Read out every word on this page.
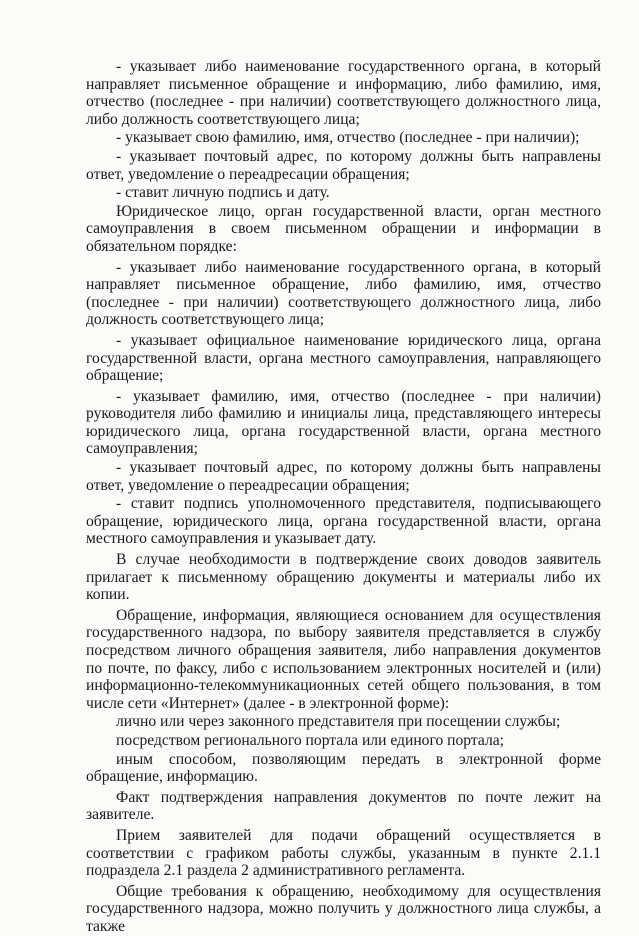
- указывает либо наименование государственного органа, в который направляет письменное обращение и информацию, либо фамилию, имя, отчество (последнее - при наличии) соответствующего должностного лица, либо должность соответствующего лица;

- указывает свою фамилию, имя, отчество (последнее - при наличии);

- указывает почтовый адрес, по которому должны быть направлены ответ, уведомление о переадресации обращения;

- ставит личную подпись и дату.

Юридическое лицо, орган государственной власти, орган местного самоуправления в своем письменном обращении и информации в обязательном порядке:

- указывает либо наименование государственного органа, в который направляет письменное обращение, либо фамилию, имя, отчество (последнее - при наличии) соответствующего должностного лица, либо должность соответствующего лица;

- указывает официальное наименование юридического лица, органа государственной власти, органа местного самоуправления, направляющего обращение;

- указывает фамилию, имя, отчество (последнее - при наличии) руководителя либо фамилию и инициалы лица, представляющего интересы юридического лица, органа государственной власти, органа местного самоуправления;

- указывает почтовый адрес, по которому должны быть направлены ответ, уведомление о переадресации обращения;

- ставит подпись уполномоченного представителя, подписывающего обращение, юридического лица, органа государственной власти, органа местного самоуправления и указывает дату.

В случае необходимости в подтверждение своих доводов заявитель прилагает к письменному обращению документы и материалы либо их копии.

Обращение, информация, являющиеся основанием для осуществления государственного надзора, по выбору заявителя представляется в службу посредством личного обращения заявителя, либо направления документов по почте, по факсу, либо с использованием электронных носителей и (или) информационно-телекоммуникационных сетей общего пользования, в том числе сети «Интернет» (далее - в электронной форме):

лично или через законного представителя при посещении службы;

посредством регионального портала или единого портала;

иным способом, позволяющим передать в электронной форме обращение, информацию.

Факт подтверждения направления документов по почте лежит на заявителе.

Прием заявителей для подачи обращений осуществляется в соответствии с графиком работы службы, указанным в пункте 2.1.1 подраздела 2.1 раздела 2 административного регламента.

Общие требования к обращению, необходимому для осуществления государственного надзора, можно получить у должностного лица службы, а также
